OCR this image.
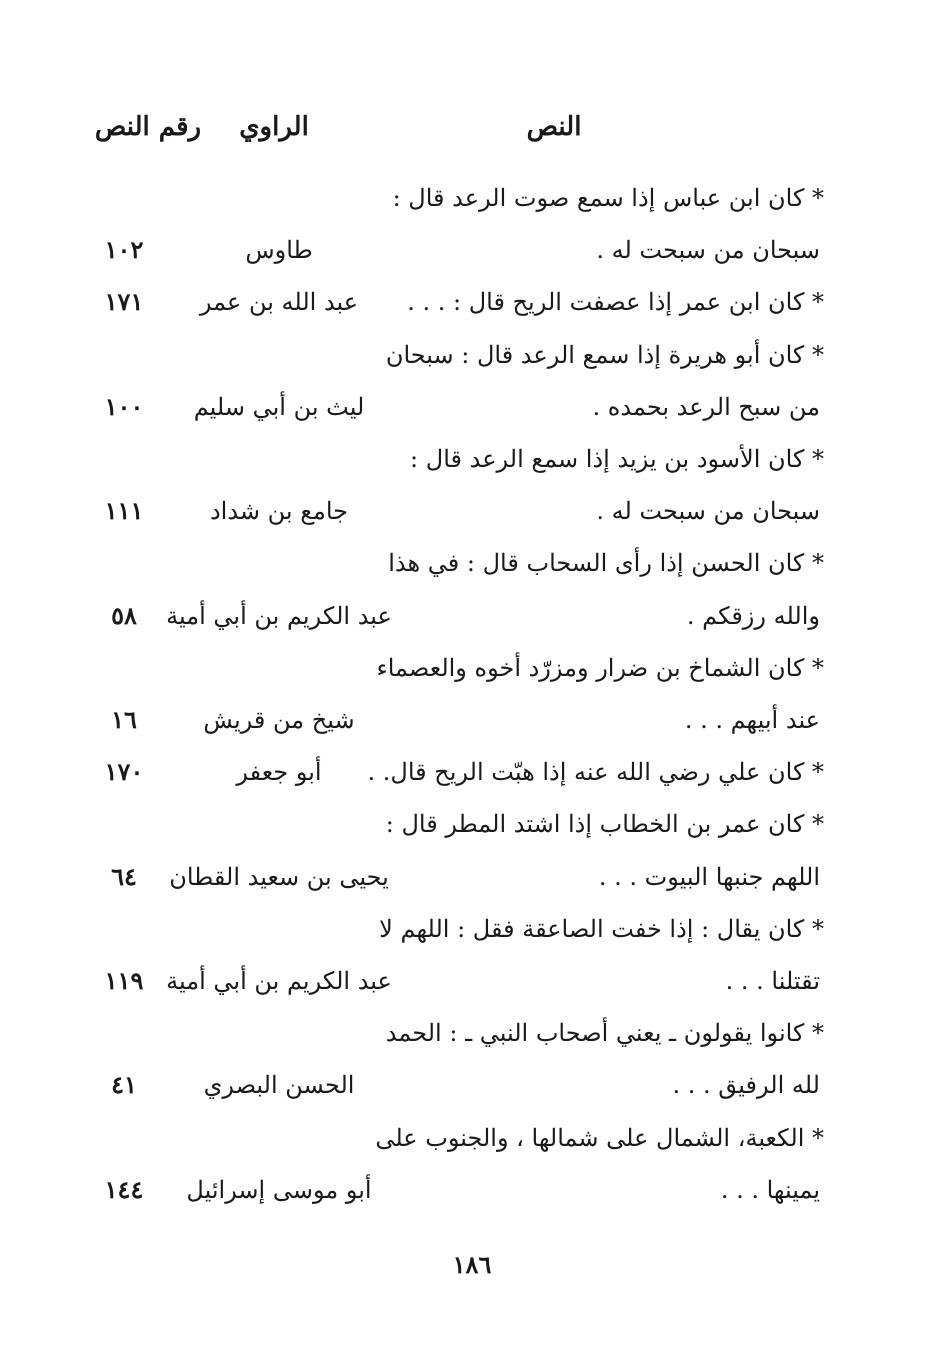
النص
الراوي
رقم النص
* كان ابن عباس إذا سمع صوت الرعد قال :
سبحان من سبحت له .
طاوس
١٠٢
* كان ابن عمر إذا عصفت الريح قال : . . .
عبد الله بن عمر
١٧١
* كان أبو هريرة إذا سمع الرعد قال : سبحان
من سبح الرعد بحمده .
ليث بن أبي سليم
١٠٠
* كان الأسود بن يزيد إذا سمع الرعد قال :
سبحان من سبحت له .
جامع بن شداد
١١١
* كان الحسن إذا رأى السحاب قال : في هذا
والله رزقكم .
عبد الكريم بن أبي أمية
٥٨
* كان الشماخ بن ضرار ومزرّد أخوه والعصماء
عند أبيهم . . .
شيخ من قريش
١٦
* كان علي رضي الله عنه إذا هبّت الريح قال. .
أبو جعفر
١٧٠
* كان عمر بن الخطاب إذا اشتد المطر قال :
اللهم جنبها البيوت . . .
يحيى بن سعيد القطان
٦٤
* كان يقال : إذا خفت الصاعقة فقل : اللهم لا
تقتلنا . . .
عبد الكريم بن أبي أمية
١١٩
* كانوا يقولون ـ يعني أصحاب النبي ـ : الحمد
لله الرفيق . . .
الحسن البصري
٤١
* الكعبة، الشمال على شمالها ، والجنوب على
يمينها . . .
أبو موسى إسرائيل
١٤٤
١٨٦
